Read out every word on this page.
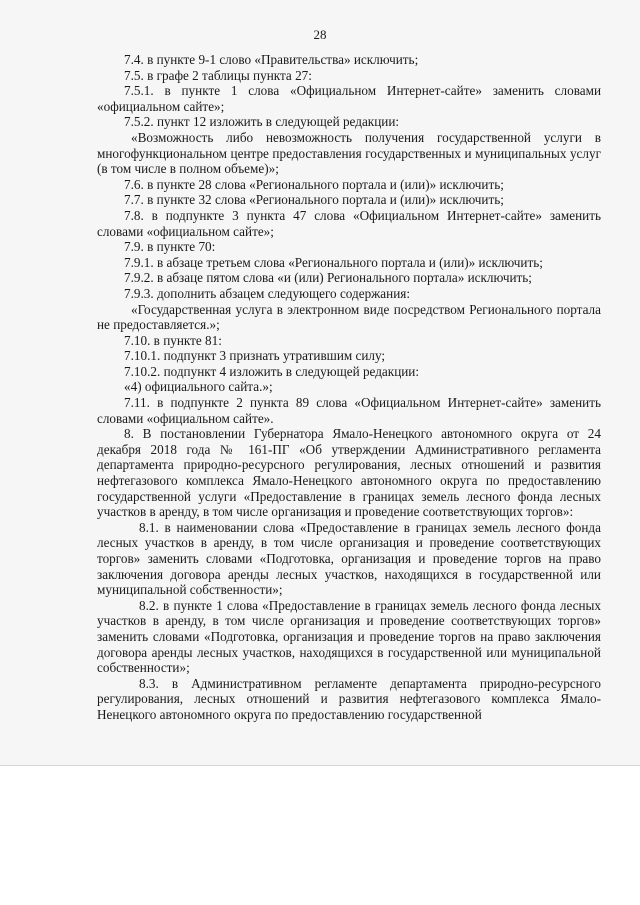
28

7.4. в пункте 9-1 слово «Правительства» исключить;

7.5. в графе 2 таблицы пункта 27:

7.5.1. в пункте 1 слова «Официальном Интернет-сайте» заменить словами «официальном сайте»;

7.5.2. пункт 12 изложить в следующей редакции:

«Возможность либо невозможность получения государственной услуги в многофункциональном центре предоставления государственных и муниципальных услуг (в том числе в полном объеме)»;

7.6. в пункте 28 слова «Регионального портала и (или)» исключить;

7.7. в пункте 32 слова «Регионального портала и (или)» исключить;

7.8. в подпункте 3 пункта 47 слова «Официальном Интернет-сайте» заменить словами «официальном сайте»;

7.9. в пункте 70:

7.9.1. в абзаце третьем слова «Регионального портала и (или)» исключить;

7.9.2. в абзаце пятом слова «и (или) Регионального портала» исключить;

7.9.3. дополнить абзацем следующего содержания:

«Государственная услуга в электронном виде посредством Регионального портала не предоставляется.»;

7.10. в пункте 81:

7.10.1. подпункт 3 признать утратившим силу;

7.10.2. подпункт 4 изложить в следующей редакции:

«4) официального сайта.»;

7.11. в подпункте 2 пункта 89 слова «Официальном Интернет-сайте» заменить словами «официальном сайте».

8. В постановлении Губернатора Ямало-Ненецкого автономного округа от 24 декабря 2018 года № 161-ПГ «Об утверждении Административного регламента департамента природно-ресурсного регулирования, лесных отношений и развития нефтегазового комплекса Ямало-Ненецкого автономного округа по предоставлению государственной услуги «Предоставление в границах земель лесного фонда лесных участков в аренду, в том числе организация и проведение соответствующих торгов»:

8.1. в наименовании слова «Предоставление в границах земель лесного фонда лесных участков в аренду, в том числе организация и проведение соответствующих торгов» заменить словами «Подготовка, организация и проведение торгов на право заключения договора аренды лесных участков, находящихся в государственной или муниципальной собственности»;

8.2. в пункте 1 слова «Предоставление в границах земель лесного фонда лесных участков в аренду, в том числе организация и проведение соответствующих торгов» заменить словами «Подготовка, организация и проведение торгов на право заключения договора аренды лесных участков, находящихся в государственной или муниципальной собственности»;

8.3. в Административном регламенте департамента природно-ресурсного регулирования, лесных отношений и развития нефтегазового комплекса Ямало-Ненецкого автономного округа по предоставлению государственной
